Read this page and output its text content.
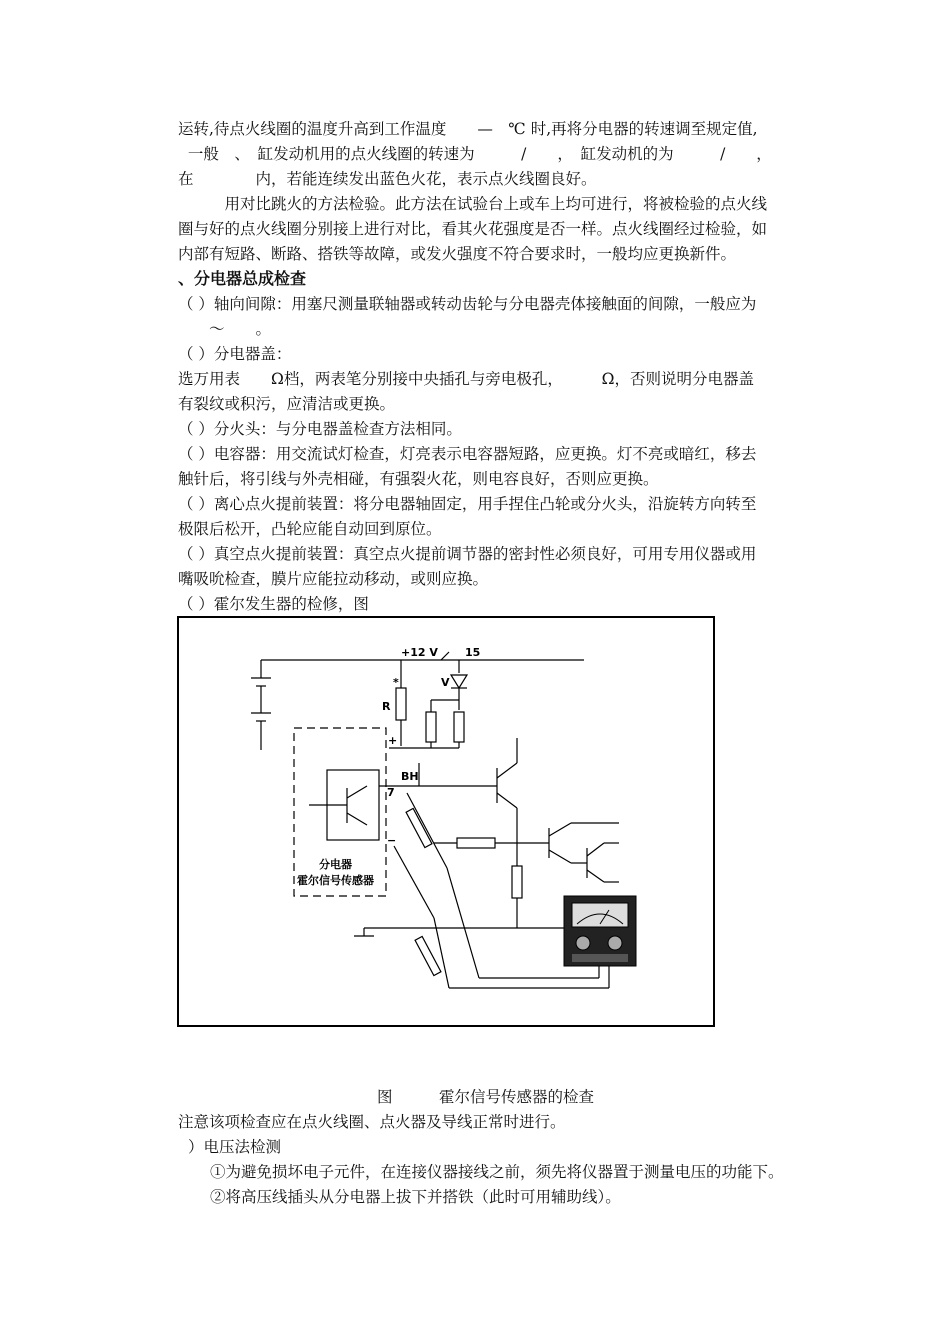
运转,待点火线圈的温度升高到工作温度　　—　℃ 时,再将分电器的转速调至规定值,
一般　、　缸发动机用的点火线圈的转速为　　　/　　，　缸发动机的为　　　/　　，
在　　　　内，若能连续发出蓝色火花，表示点火线圈良好。
　　　用对比跳火的方法检验。此方法在试验台上或车上均可进行，将被检验的点火线
圈与好的点火线圈分别接上进行对比，看其火花强度是否一样。点火线圈经过检验，如
内部有短路、断路、搭铁等故障，或发火强度不符合要求时，一般均应更换新件。
、分电器总成检查
（ ）轴向间隙：用塞尺测量联轴器或转动齿轮与分电器壳体接触面的间隙，一般应为
　　～　　。
（ ）分电器盖：
选万用表　　Ω档，两表笔分别接中央插孔与旁电极孔，　　　Ω，否则说明分电器盖
有裂纹或积污，应清洁或更换。
（ ）分火头：与分电器盖检查方法相同。
（ ）电容器：用交流试灯检查，灯亮表示电容器短路，应更换。灯不亮或暗红，移去
触针后，将引线与外壳相碰，有强裂火花，则电容良好，否则应更换。
（ ）离心点火提前装置：将分电器轴固定，用手捏住凸轮或分火头，沿旋转方向转至
极限后松开，凸轮应能自动回到原位。
（ ）真空点火提前装置：真空点火提前调节器的密封性必须良好，可用专用仪器或用
嘴吸吮检查，膜片应能拉动移动，或则应换。
（ ）霍尔发生器的检修，图
+12 V 15
V
*
R
+
BH
7
−
分电器
霍尔信号传感器
图　　　霍尔信号传感器的检查
注意该项检查应在点火线圈、点火器及导线正常时进行。
）电压法检测
①为避免损坏电子元件，在连接仪器接线之前，须先将仪器置于测量电压的功能下。
②将高压线插头从分电器上拔下并搭铁（此时可用辅助线）。
